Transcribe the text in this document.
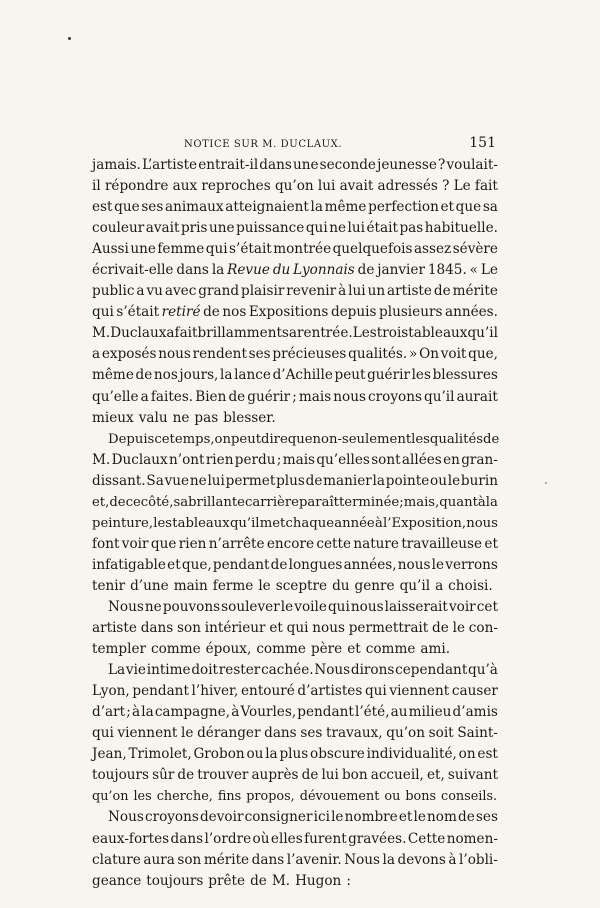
NOTICE SUR M. DUCLAUX.	151
jamais. L’artiste entrait-il dans une seconde jeunesse ? voulait-
il répondre aux reproches qu’on lui avait adressés ? Le fait
est que ses animaux atteignaient la même perfection et que sa
couleur avait pris une puissance qui ne lui était pas habituelle.
Aussi une femme qui s’était montrée quelquefois assez sévère
écrivait-elle dans la Revue du Lyonnais de janvier 1845. « Le
public a vu avec grand plaisir revenir à lui un artiste de mérite
qui s’était retiré de nos Expositions depuis plusieurs années.
M. Duclaux a fait brillamment sa rentrée. Les trois tableaux qu’il
a exposés nous rendent ses précieuses qualités. » On voit que,
même de nos jours, la lance d’Achille peut guérir les blessures
qu’elle a faites. Bien de guérir ; mais nous croyons qu’il aurait
mieux valu ne pas blesser.
Depuis ce temps, on peut dire que non-seulement les qualités de
M. Duclaux n’ont rien perdu ; mais qu’elles sont allées en gran-
dissant. Sa vue ne lui permet plus de manier la pointe ou le burin
et, de ce côté, sa brillante carrière paraît terminée ; mais, quant à la
peinture, les tableaux qu’il met chaque année à l’Exposition, nous
font voir que rien n’arrête encore cette nature travailleuse et
infatigable et que, pendant de longues années, nous le verrons
tenir d’une main ferme le sceptre du genre qu’il a choisi.
Nous ne pouvons soulever le voile qui nous laisserait voir cet
artiste dans son intérieur et qui nous permettrait de le con-
templer comme époux, comme père et comme ami.
La vie intime doit rester cachée. Nous dirons cependant qu’à
Lyon, pendant l’hiver, entouré d’artistes qui viennent causer
d’art ; à la campagne, à Vourles, pendant l’été, au milieu d’amis
qui viennent le déranger dans ses travaux, qu’on soit Saint-
Jean, Trimolet, Grobon ou la plus obscure individualité, on est
toujours sûr de trouver auprès de lui bon accueil, et, suivant
qu’on les cherche, fins propos, dévouement ou bons conseils.
Nous croyons devoir consigner ici le nombre et le nom de ses
eaux-fortes dans l’ordre où elles furent gravées. Cette nomen-
clature aura son mérite dans l’avenir. Nous la devons à l’obli-
geance toujours prête de M. Hugon :
